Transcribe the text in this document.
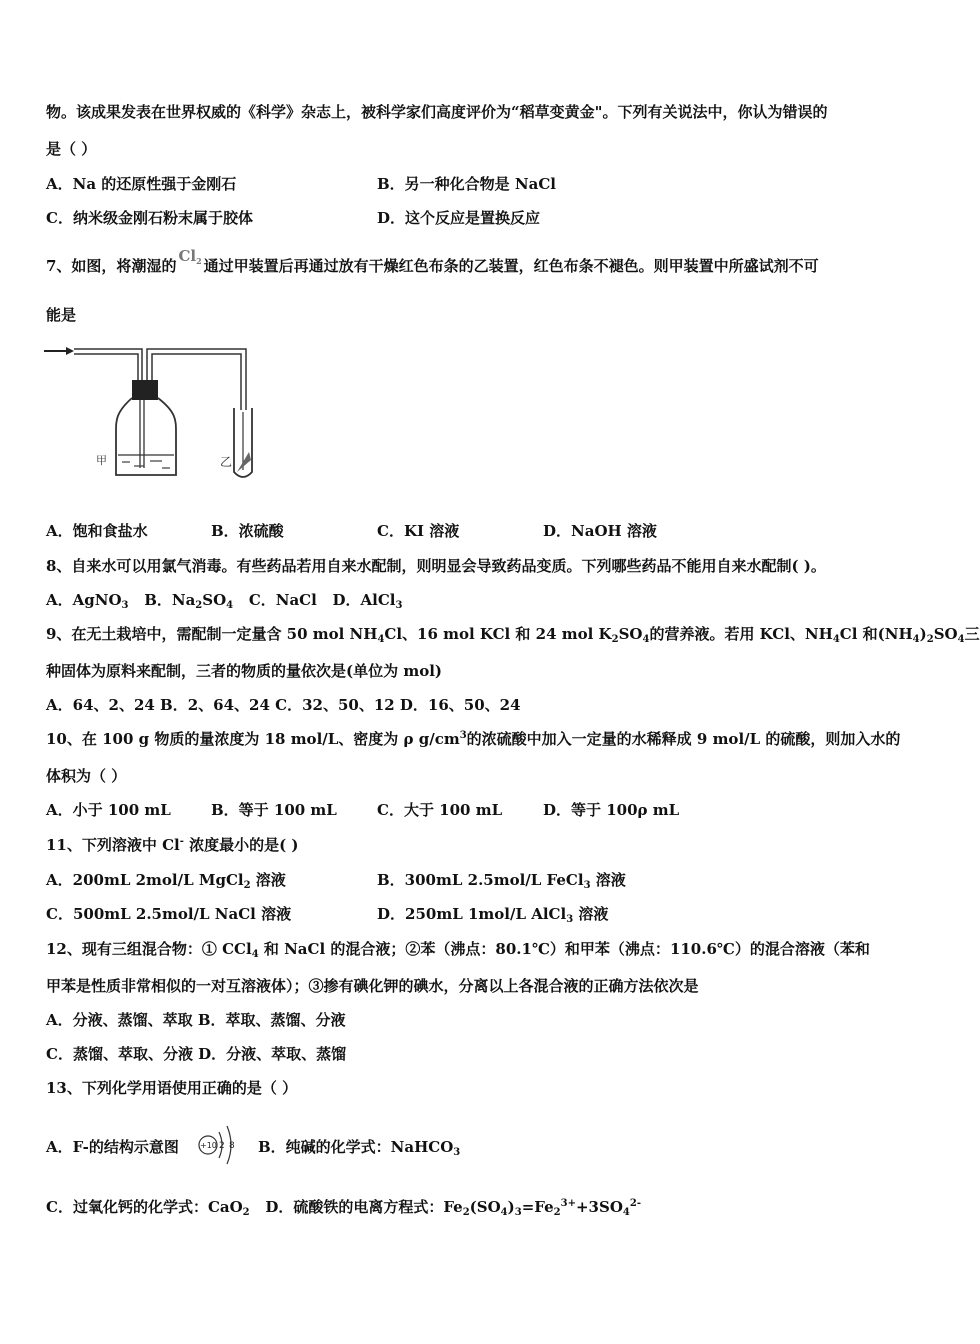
物。该成果发表在世界权威的《科学》杂志上，被科学家们高度评价为“稻草变黄金"。下列有关说法中，你认为错误的
是（ ）
A．Na 的还原性强于金刚石	B．另一种化合物是 NaCl
C．纳米级金刚石粉末属于胶体	D．这个反应是置换反应
7、如图，将潮湿的$Cl_2$ 通过甲装置后再通过放有干燥红色布条的乙装置，红色布条不褪色。则甲装置中所盛试剂不可
能是
甲	乙
A．饱和食盐水	B．浓硫酸	C．KI 溶液	D．NaOH 溶液
8、自来水可以用氯气消毒。有些药品若用自来水配制，则明显会导致药品变质。下列哪些药品不能用自来水配制( )。
A．AgNO$_3$ B．$Na_2SO_4$ C．NaCl D．AlCl$_3$
9、在无土栽培中，需配制一定量含 50 mol $NH_4Cl$、16 mol KCl 和 24 mol $K_2SO_4$的营养液。若用 KCl、$NH_4Cl$ 和$(NH_4)_2SO_4$三
种固体为原料来配制，三者的物质的量依次是(单位为 mol)
A．64、2、24 B．2、64、24 C．32、50、12 D．16、50、24
10、在 100 g 物质的量浓度为 18 mol/L、密度为 ρ $g/cm^3$的浓硫酸中加入一定量的水稀释成 9 mol/L 的硫酸，则加入水的
体积为（ ）
A．小于 100 mL	B．等于 100 mL	C．大于 100 mL	D．等于 100ρ mL
11、下列溶液中 Cl- 浓度最小的是( )
A．200mL 2mol/L MgCl$_2$ 溶液	B．300mL 2.5mol/L FeCl$_3$ 溶液
C．500mL 2.5mol/L NaCl 溶液	D．250mL 1mol/L AlCl$_3$ 溶液
12、现有三组混合物：① CCl$_4$ 和 NaCl 的混合液；②苯（沸点：80.1℃）和甲苯（沸点：110.6℃）的混合溶液（苯和
甲苯是性质非常相似的一对互溶液体）；③掺有碘化钾的碘水，分离以上各混合液的正确方法依次是
A．分液、蒸馏、萃取 B．萃取、蒸馏、分液
C．蒸馏、萃取、分液 D．分液、萃取、蒸馏
13、下列化学用语使用正确的是（ ）
A．F-的结构示意图	+10 2 8 B．纯碱的化学式：NaHCO$_3$
C．过氧化钙的化学式：CaO$_2$ D．硫酸铁的电离方程式：$Fe_2(SO_4)_3=Fe_2^{3+}+3SO_4^{2-}$
